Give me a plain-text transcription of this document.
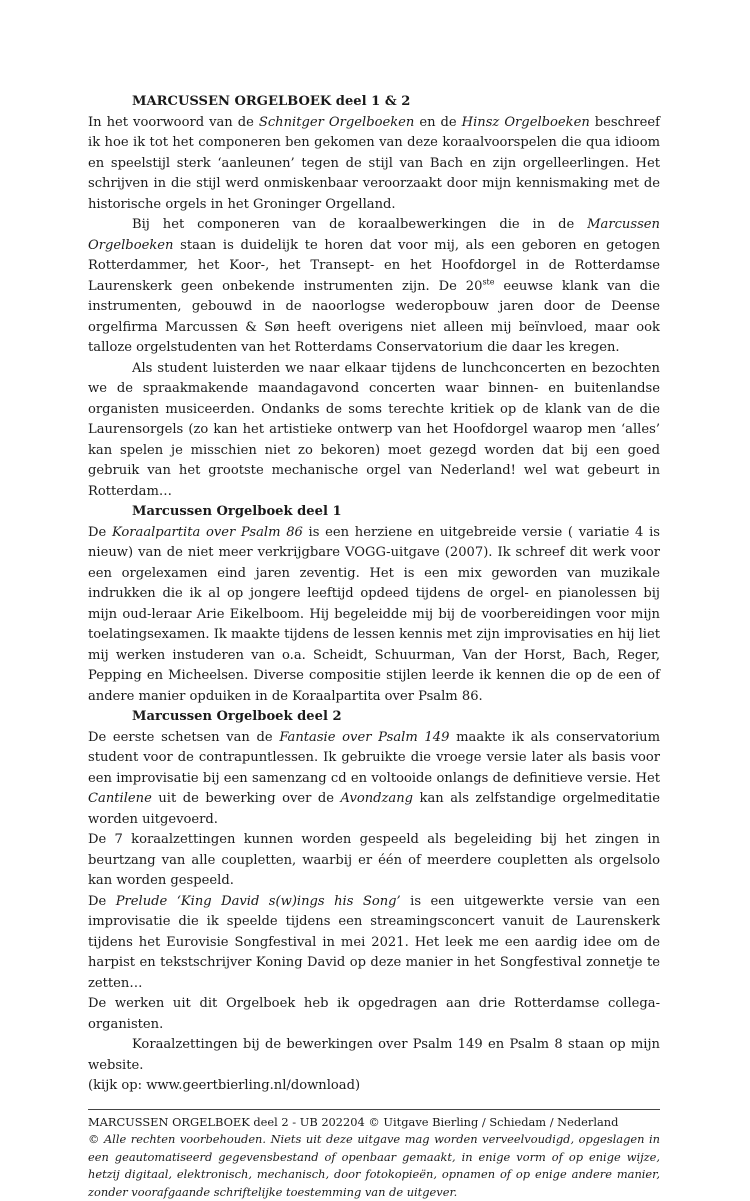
MARCUSSEN ORGELBOEK deel 1 & 2

In het voorwoord van de Schnitger Orgelboeken en de Hinsz Orgelboeken beschreef ik hoe ik tot het componeren ben gekomen van deze koraalvoorspelen die qua idioom en speelstijl sterk ‘aanleunen’ tegen de stijl van Bach en zijn orgelleerlingen. Het schrijven in die stijl werd onmiskenbaar veroorzaakt door mijn kennismaking met de historische orgels in het Groninger Orgelland.

Bij het componeren van de koraalbewerkingen die in de Marcussen Orgelboeken staan is duidelijk te horen dat voor mij, als een geboren en getogen Rotterdammer, het Koor-, het Transept- en het Hoofdorgel in de Rotterdamse Laurenskerk geen onbekende instrumenten zijn. De 20ste eeuwse klank van die instrumenten, gebouwd in de naoorlogse wederopbouw jaren door de Deense orgelfirma Marcussen & Søn heeft overigens niet alleen mij beïnvloed, maar ook talloze orgelstudenten van het Rotterdams Conservatorium die daar les kregen.

Als student luisterden we naar elkaar tijdens de lunchconcerten en bezochten we de spraakmakende maandagavond concerten waar binnen- en buitenlandse organisten musiceerden. Ondanks de soms terechte kritiek op de klank van de die Laurensorgels (zo kan het artistieke ontwerp van het Hoofdorgel waarop men ‘alles’ kan spelen je misschien niet zo bekoren) moet gezegd worden dat bij een goed gebruik van het grootste mechanische orgel van Nederland! wel wat gebeurt in Rotterdam…

Marcussen Orgelboek deel 1

De Koraalpartita over Psalm 86 is een herziene en uitgebreide versie ( variatie 4 is nieuw) van de niet meer verkrijgbare VOGG-uitgave (2007). Ik schreef dit werk voor een orgelexamen eind jaren zeventig. Het is een mix geworden van muzikale indrukken die ik al op jongere leeftijd opdeed tijdens de orgel- en pianolessen bij mijn oud-leraar Arie Eikelboom. Hij begeleidde mij bij de voorbereidingen voor mijn toelatingsexamen. Ik maakte tijdens de lessen kennis met zijn improvisaties en hij liet mij werken instuderen van o.a. Scheidt, Schuurman, Van der Horst, Bach, Reger, Pepping en Micheelsen. Diverse compositie stijlen leerde ik kennen die op de een of andere manier opduiken in de Koraalpartita over Psalm 86.

Marcussen Orgelboek deel 2

De eerste schetsen van de Fantasie over Psalm 149 maakte ik als conservatorium student voor de contrapuntlessen. Ik gebruikte die vroege versie later als basis voor een improvisatie bij een samenzang cd en voltooide onlangs de definitieve versie. Het Cantilene uit de bewerking over de Avondzang kan als zelfstandige orgelmeditatie worden uitgevoerd.

De 7 koraalzettingen kunnen worden gespeeld als begeleiding bij het zingen in beurtzang van alle coupletten, waarbij er één of meerdere coupletten als orgelsolo kan worden gespeeld.

De Prelude ‘King David s(w)ings his Song’ is een uitgewerkte versie van een improvisatie die ik speelde tijdens een streamingsconcert vanuit de Laurenskerk tijdens het Eurovisie Songfestival in mei 2021. Het leek me een aardig idee om de harpist en tekstschrijver Koning David op deze manier in het Songfestival zonnetje te zetten…

De werken uit dit Orgelboek heb ik opgedragen aan drie Rotterdamse collega-organisten.

Koraalzettingen bij de bewerkingen over Psalm 149 en Psalm 8 staan op mijn website.

(kijk op: www.geertbierling.nl/download)

MARCUSSEN ORGELBOEK deel 2 - UB 202204 © Uitgave Bierling / Schiedam / Nederland

© Alle rechten voorbehouden. Niets uit deze uitgave mag worden verveelvoudigd, opgeslagen in een geautomatiseerd gegevensbestand of openbaar gemaakt, in enige vorm of op enige wijze, hetzij digitaal, elektronisch, mechanisch, door fotokopieën, opnamen of op enige andere manier, zonder voorafgaande schriftelijke toestemming van de uitgever.
